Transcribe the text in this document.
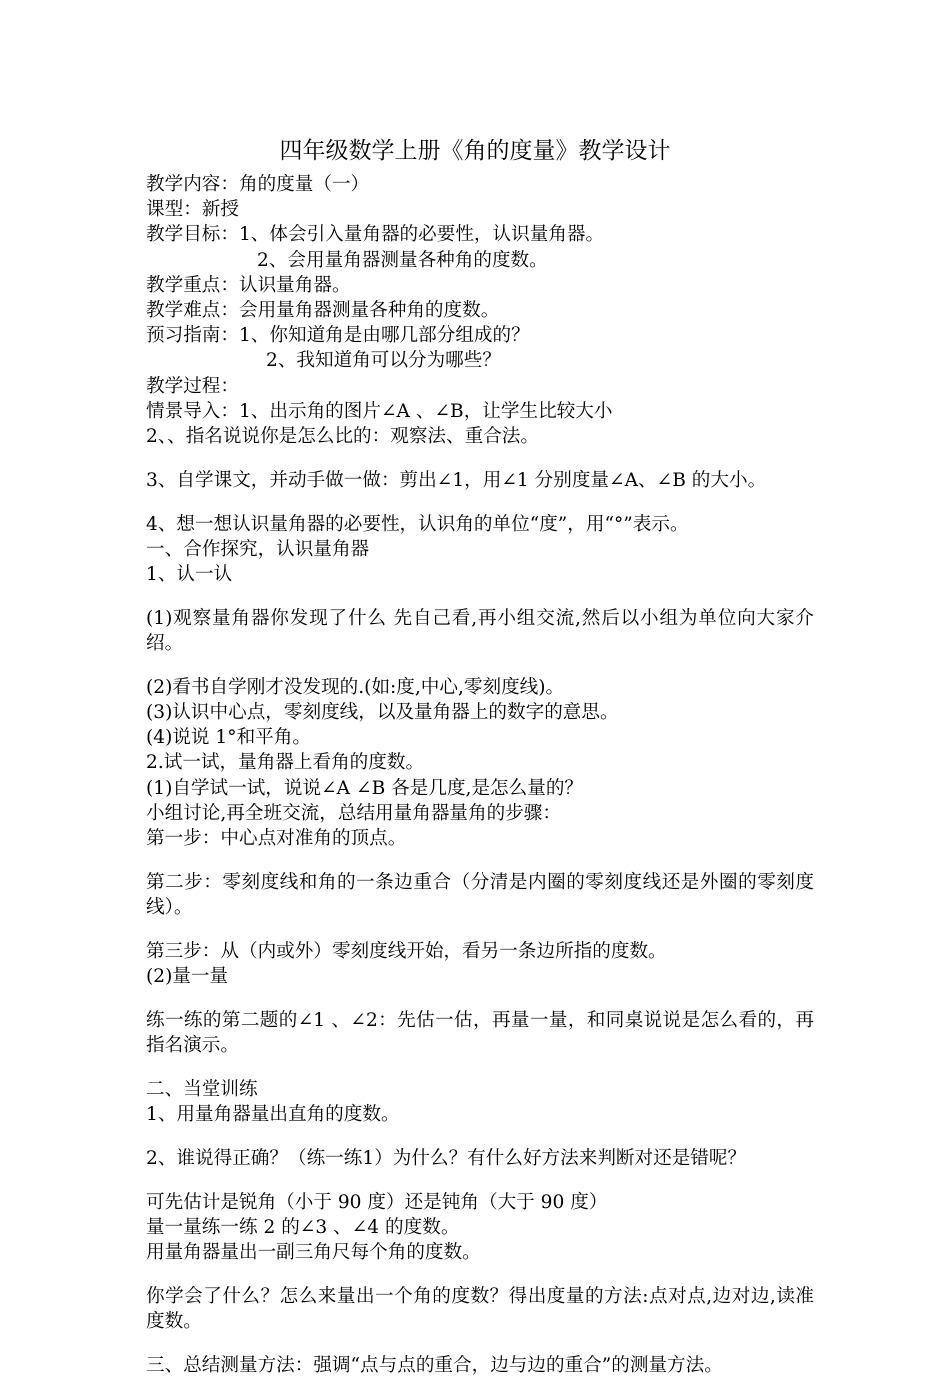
四年级数学上册《角的度量》教学设计

教学内容：角的度量（一）

课型：新授

教学目标：1、体会引入量角器的必要性，认识量角器。

2、会用量角器测量各种角的度数。

教学重点：认识量角器。

教学难点：会用量角器测量各种角的度数。

预习指南：1、你知道角是由哪几部分组成的？

2、我知道角可以分为哪些？

教学过程：

情景导入：1、出示角的图片∠A 、∠B，让学生比较大小

2、、指名说说你是怎么比的：观察法、重合法。

3、自学课文，并动手做一做：剪出∠1，用∠1 分别度量∠A、∠B 的大小。

4、想一想认识量角器的必要性，认识角的单位“度”，用“°”表示。

一、合作探究，认识量角器

1、认一认

(1)观察量角器你发现了什么 先自己看,再小组交流,然后以小组为单位向大家介绍。

(2)看书自学刚才没发现的.(如:度,中心,零刻度线)。

(3)认识中心点，零刻度线，以及量角器上的数字的意思。

(4)说说 1°和平角。

2.试一试，量角器上看角的度数。

(1)自学试一试，说说∠A ∠B 各是几度,是怎么量的？

小组讨论,再全班交流，总结用量角器量角的步骤：

第一步：中心点对准角的顶点。

第二步：零刻度线和角的一条边重合（分清是内圈的零刻度线还是外圈的零刻度线）。

第三步：从（内或外）零刻度线开始，看另一条边所指的度数。

(2)量一量

练一练的第二题的∠1 、∠2：先估一估，再量一量，和同桌说说是怎么看的，再指名演示。

二、当堂训练

1、用量角器量出直角的度数。

2、谁说得正确？（练一练1）为什么？有什么好方法来判断对还是错呢？

可先估计是锐角（小于 90 度）还是钝角（大于 90 度）

量一量练一练 2 的∠3 、∠4 的度数。

用量角器量出一副三角尺每个角的度数。

你学会了什么？怎么来量出一个角的度数？得出度量的方法:点对点,边对边,读准度数。

三、总结测量方法：强调“点与点的重合，边与边的重合”的测量方法。
